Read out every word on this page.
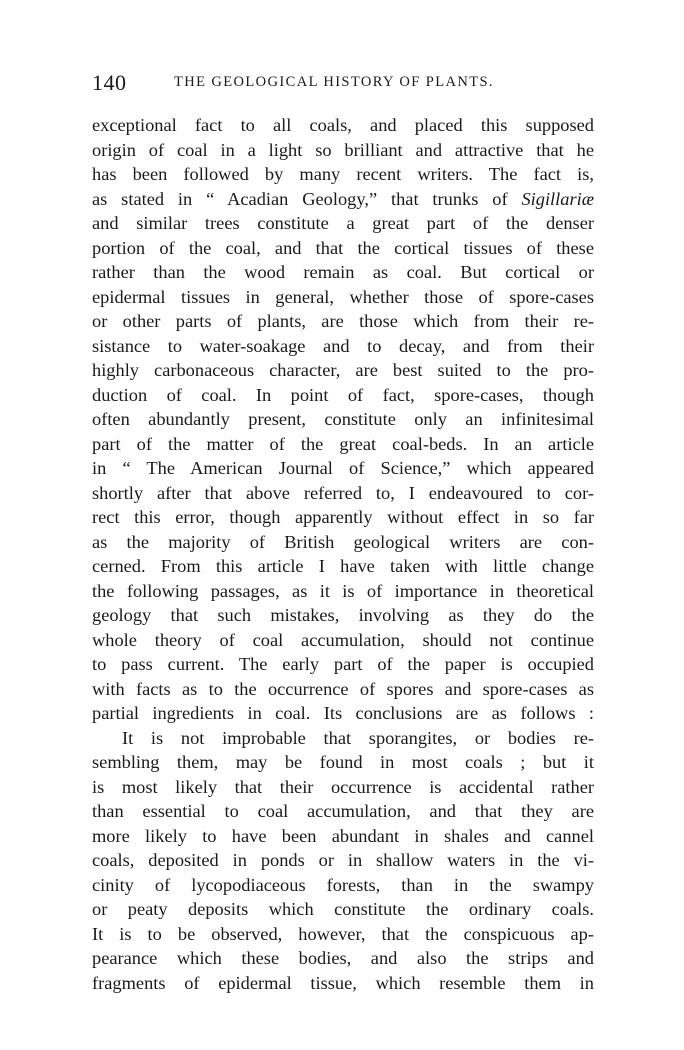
140	THE GEOLOGICAL HISTORY OF PLANTS.
exceptional fact to all coals, and placed this supposed
origin of coal in a light so brilliant and attractive that he
has been followed by many recent writers. The fact is,
as stated in “ Acadian Geology,” that trunks of Sigillariæ
and similar trees constitute a great part of the denser
portion of the coal, and that the cortical tissues of these
rather than the wood remain as coal. But cortical or
epidermal tissues in general, whether those of spore-cases
or other parts of plants, are those which from their re-
sistance to water-soakage and to decay, and from their
highly carbonaceous character, are best suited to the pro-
duction of coal. In point of fact, spore-cases, though
often abundantly present, constitute only an infinitesimal
part of the matter of the great coal-beds. In an article
in “ The American Journal of Science,” which appeared
shortly after that above referred to, I endeavoured to cor-
rect this error, though apparently without effect in so far
as the majority of British geological writers are con-
cerned. From this article I have taken with little change
the following passages, as it is of importance in theoretical
geology that such mistakes, involving as they do the
whole theory of coal accumulation, should not continue
to pass current. The early part of the paper is occupied
with facts as to the occurrence of spores and spore-cases as
partial ingredients in coal. Its conclusions are as follows :
It is not improbable that sporangites, or bodies re-
sembling them, may be found in most coals ; but it
is most likely that their occurrence is accidental rather
than essential to coal accumulation, and that they are
more likely to have been abundant in shales and cannel
coals, deposited in ponds or in shallow waters in the vi-
cinity of lycopodiaceous forests, than in the swampy
or peaty deposits which constitute the ordinary coals.
It is to be observed, however, that the conspicuous ap-
pearance which these bodies, and also the strips and
fragments of epidermal tissue, which resemble them in
